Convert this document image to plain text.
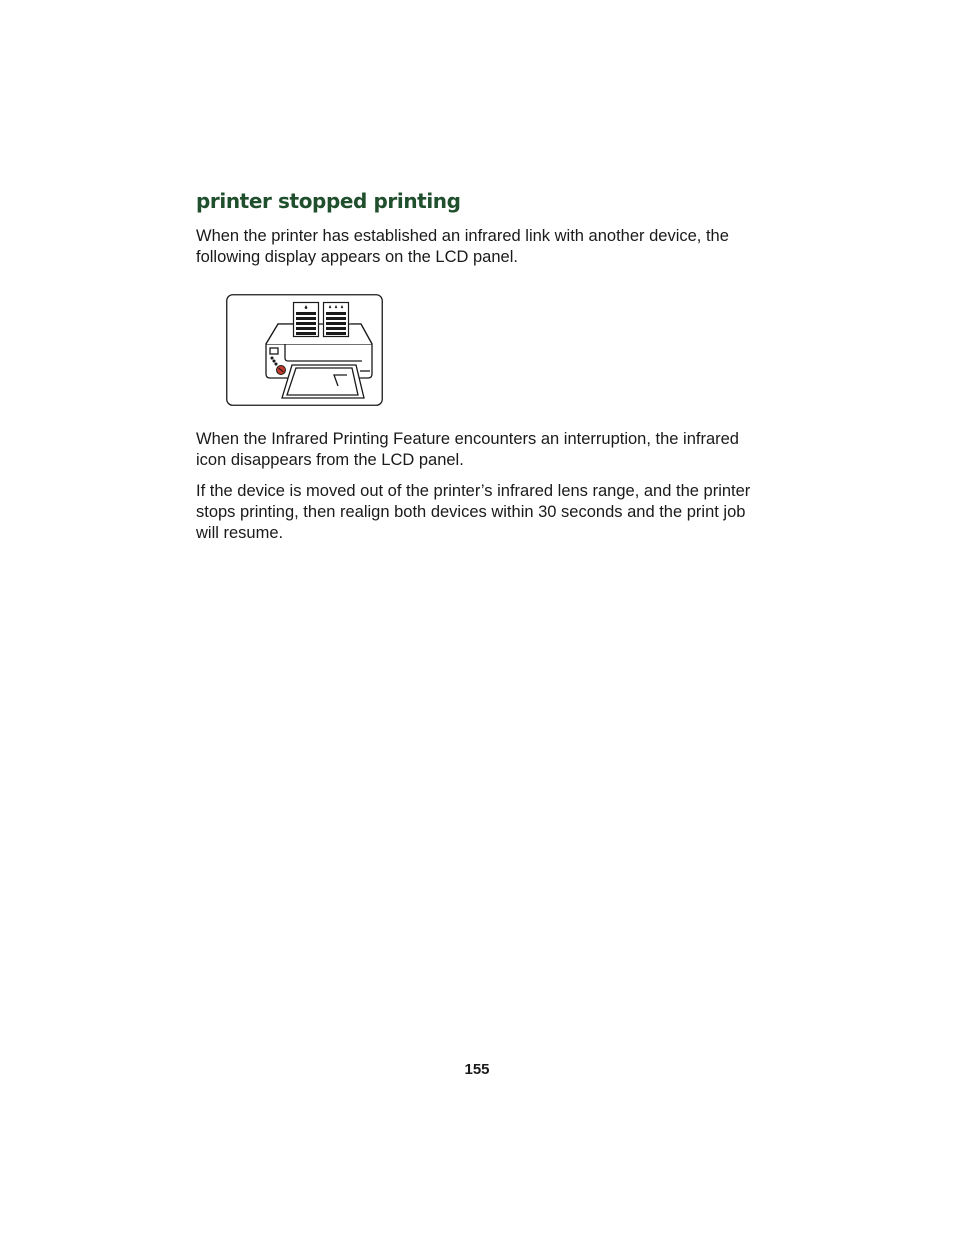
printer stopped printing

When the printer has established an infrared link with another device, the following display appears on the LCD panel.

When the Infrared Printing Feature encounters an interruption, the infrared icon disappears from the LCD panel.

If the device is moved out of the printer’s infrared lens range, and the printer stops printing, then realign both devices within 30 seconds and the print job will resume.

155
